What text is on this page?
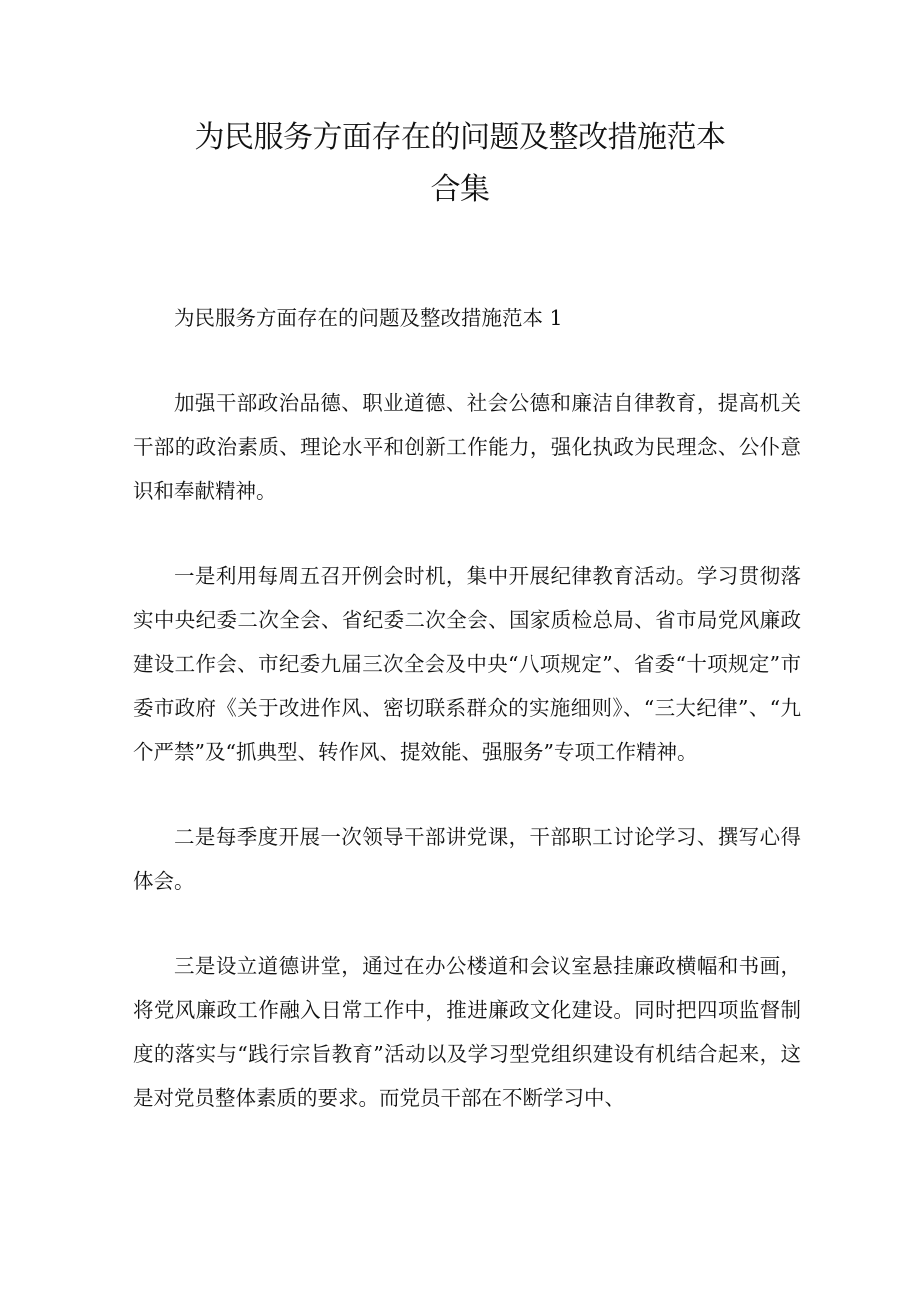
为民服务方面存在的问题及整改措施范本
合集

为民服务方面存在的问题及整改措施范本 1

加强干部政治品德、职业道德、社会公德和廉洁自律教育，提高机关干部的政治素质、理论水平和创新工作能力，强化执政为民理念、公仆意识和奉献精神。

一是利用每周五召开例会时机，集中开展纪律教育活动。学习贯彻落实中央纪委二次全会、省纪委二次全会、国家质检总局、省市局党风廉政建设工作会、市纪委九届三次全会及中央“八项规定”、省委“十项规定”市委市政府《关于改进作风、密切联系群众的实施细则》、“三大纪律”、“九个严禁”及“抓典型、转作风、提效能、强服务”专项工作精神。

二是每季度开展一次领导干部讲党课，干部职工讨论学习、撰写心得体会。

三是设立道德讲堂，通过在办公楼道和会议室悬挂廉政横幅和书画，将党风廉政工作融入日常工作中，推进廉政文化建设。同时把四项监督制度的落实与“践行宗旨教育”活动以及学习型党组织建设有机结合起来，这是对党员整体素质的要求。而党员干部在不断学习中、
